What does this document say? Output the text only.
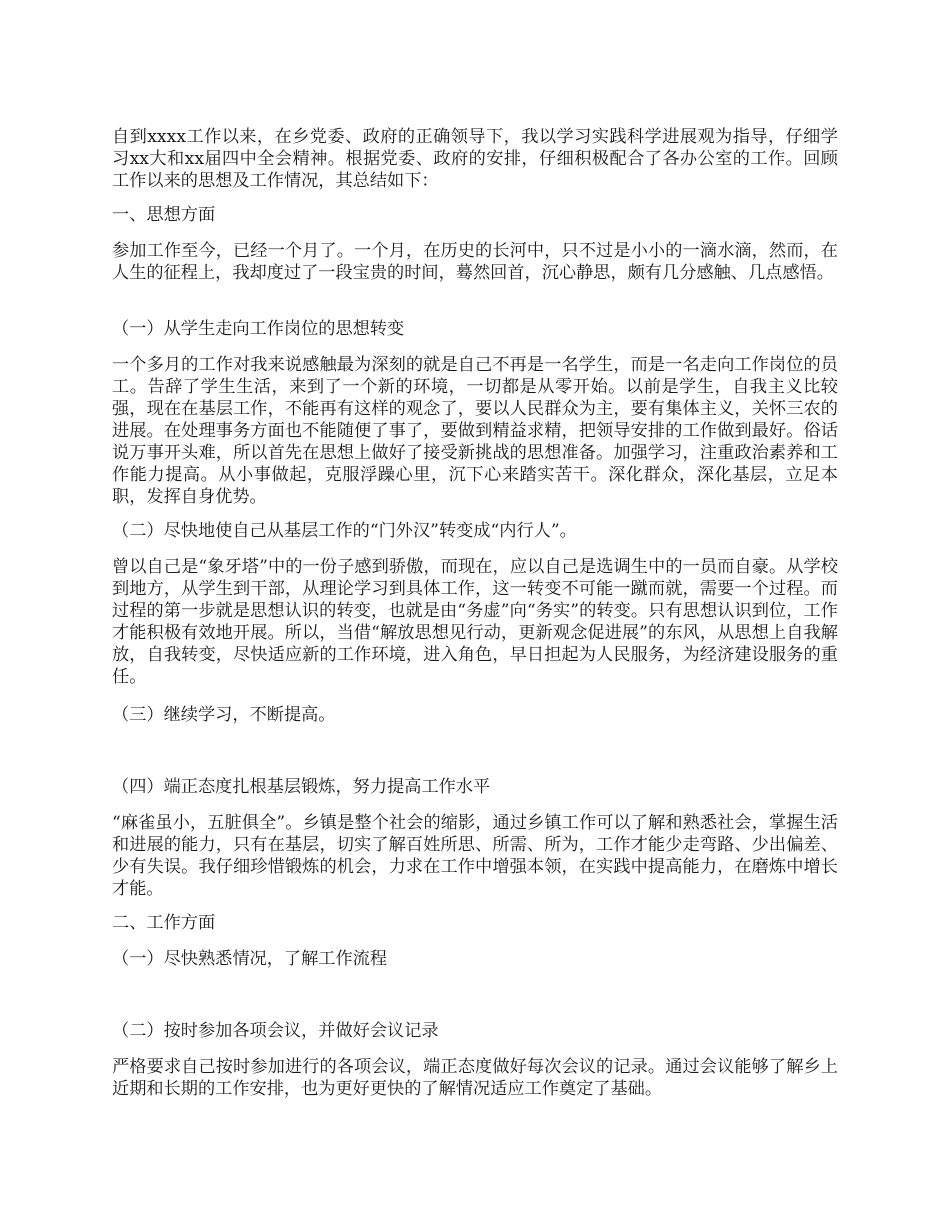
自到xxxx工作以来，在乡党委、政府的正确领导下，我以学习实践科学进展观为指导，仔细学习xx大和xx届四中全会精神。根据党委、政府的安排，仔细积极配合了各办公室的工作。回顾工作以来的思想及工作情况，其总结如下：

一、思想方面

参加工作至今，已经一个月了。一个月，在历史的长河中，只不过是小小的一滴水滴，然而，在人生的征程上，我却度过了一段宝贵的时间，蓦然回首，沉心静思，颇有几分感触、几点感悟。

（一）从学生走向工作岗位的思想转变

一个多月的工作对我来说感触最为深刻的就是自己不再是一名学生，而是一名走向工作岗位的员工。告辞了学生生活，来到了一个新的环境，一切都是从零开始。以前是学生，自我主义比较强，现在在基层工作，不能再有这样的观念了，要以人民群众为主，要有集体主义，关怀三农的进展。在处理事务方面也不能随便了事了，要做到精益求精，把领导安排的工作做到最好。俗话说万事开头难，所以首先在思想上做好了接受新挑战的思想准备。加强学习，注重政治素养和工作能力提高。从小事做起，克服浮躁心里，沉下心来踏实苦干。深化群众，深化基层，立足本职，发挥自身优势。

（二）尽快地使自己从基层工作的“门外汉”转变成“内行人”。

曾以自己是“象牙塔”中的一份子感到骄傲，而现在，应以自己是选调生中的一员而自豪。从学校到地方，从学生到干部，从理论学习到具体工作，这一转变不可能一蹴而就，需要一个过程。而过程的第一步就是思想认识的转变，也就是由“务虚”向“务实”的转变。只有思想认识到位，工作才能积极有效地开展。所以，当借“解放思想见行动，更新观念促进展”的东风，从思想上自我解放，自我转变，尽快适应新的工作环境，进入角色，早日担起为人民服务，为经济建设服务的重任。

（三）继续学习，不断提高。

（四）端正态度扎根基层锻炼，努力提高工作水平

“麻雀虽小，五脏俱全”。乡镇是整个社会的缩影，通过乡镇工作可以了解和熟悉社会，掌握生活和进展的能力，只有在基层，切实了解百姓所思、所需、所为，工作才能少走弯路、少出偏差、少有失误。我仔细珍惜锻炼的机会，力求在工作中增强本领，在实践中提高能力，在磨炼中增长才能。

二、工作方面

（一）尽快熟悉情况，了解工作流程

（二）按时参加各项会议，并做好会议记录

严格要求自己按时参加进行的各项会议，端正态度做好每次会议的记录。通过会议能够了解乡上近期和长期的工作安排，也为更好更快的了解情况适应工作奠定了基础。
